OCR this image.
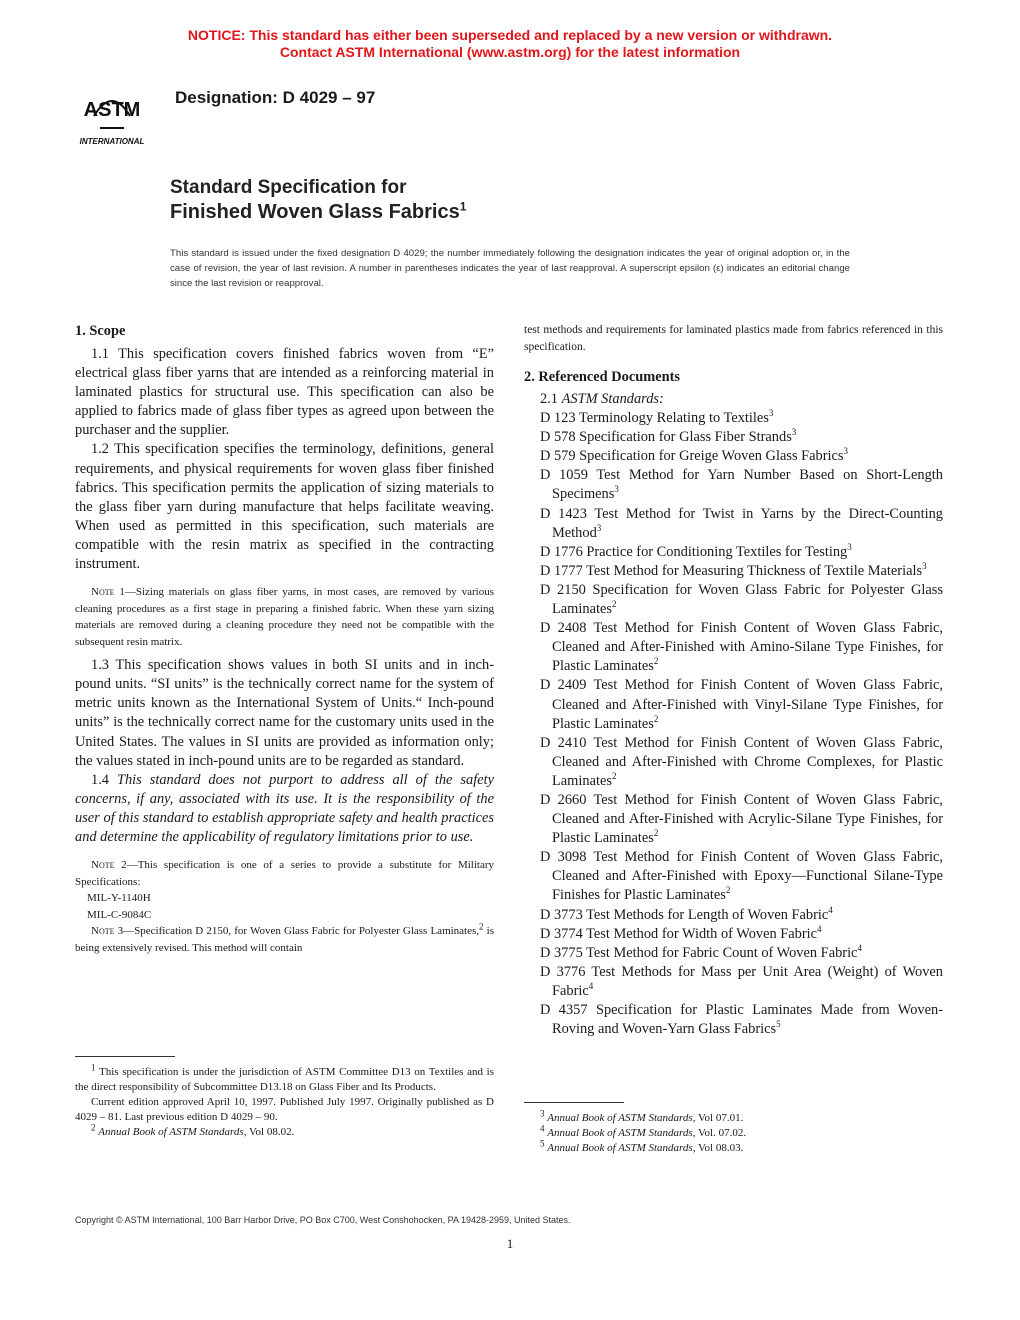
NOTICE: This standard has either been superseded and replaced by a new version or withdrawn.
Contact ASTM International (www.astm.org) for the latest information
ASTM
INTERNATIONAL
Designation: D 4029 – 97
Standard Specification for
Finished Woven Glass Fabrics$^1$
This standard is issued under the fixed designation D 4029; the number immediately following the designation indicates the year of original adoption or, in the case of revision, the year of last revision. A number in parentheses indicates the year of last reapproval. A superscript epsilon (ε) indicates an editorial change since the last revision or reapproval.
1. Scope

1.1 This specification covers finished fabrics woven from “E” electrical glass fiber yarns that are intended as a reinforcing material in laminated plastics for structural use. This specification can also be applied to fabrics made of glass fiber types as agreed upon between the purchaser and the supplier.

1.2 This specification specifies the terminology, definitions, general requirements, and physical requirements for woven glass fiber finished fabrics. This specification permits the application of sizing materials to the glass fiber yarn during manufacture that helps facilitate weaving. When used as permitted in this specification, such materials are compatible with the resin matrix as specified in the contracting instrument.

Note 1—Sizing materials on glass fiber yarns, in most cases, are removed by various cleaning procedures as a first stage in preparing a finished fabric. When these yarn sizing materials are removed during a cleaning procedure they need not be compatible with the subsequent resin matrix.

1.3 This specification shows values in both SI units and in inch-pound units. “SI units” is the technically correct name for the system of metric units known as the International System of Units.“ Inch-pound units” is the technically correct name for the customary units used in the United States. The values in SI units are provided as information only; the values stated in inch-pound units are to be regarded as standard.

1.4 This standard does not purport to address all of the safety concerns, if any, associated with its use. It is the responsibility of the user of this standard to establish appropriate safety and health practices and determine the applicability of regulatory limitations prior to use.

Note 2—This specification is one of a series to provide a substitute for Military Specifications:

MIL-Y-1140H

MIL-C-9084C

Note 3—Specification D 2150, for Woven Glass Fabric for Polyester Glass Laminates,$^2$ is being extensively revised. This method will contain

$^1$ This specification is under the jurisdiction of ASTM Committee D13 on Textiles and is the direct responsibility of Subcommittee D13.18 on Glass Fiber and Its Products.

Current edition approved April 10, 1997. Published July 1997. Originally published as D 4029 – 81. Last previous edition D 4029 – 90.

$^2$ Annual Book of ASTM Standards, Vol 08.02.

test methods and requirements for laminated plastics made from fabrics referenced in this specification.

2. Referenced Documents

2.1 ASTM Standards:

D 123 Terminology Relating to Textiles$^3$

D 578 Specification for Glass Fiber Strands$^3$

D 579 Specification for Greige Woven Glass Fabrics$^3$

D 1059 Test Method for Yarn Number Based on Short-Length Specimens$^3$

D 1423 Test Method for Twist in Yarns by the Direct-Counting Method$^3$

D 1776 Practice for Conditioning Textiles for Testing$^3$

D 1777 Test Method for Measuring Thickness of Textile Materials$^3$

D 2150 Specification for Woven Glass Fabric for Polyester Glass Laminates$^2$

D 2408 Test Method for Finish Content of Woven Glass Fabric, Cleaned and After-Finished with Amino-Silane Type Finishes, for Plastic Laminates$^2$

D 2409 Test Method for Finish Content of Woven Glass Fabric, Cleaned and After-Finished with Vinyl-Silane Type Finishes, for Plastic Laminates$^2$

D 2410 Test Method for Finish Content of Woven Glass Fabric, Cleaned and After-Finished with Chrome Complexes, for Plastic Laminates$^2$

D 2660 Test Method for Finish Content of Woven Glass Fabric, Cleaned and After-Finished with Acrylic-Silane Type Finishes, for Plastic Laminates$^2$

D 3098 Test Method for Finish Content of Woven Glass Fabric, Cleaned and After-Finished with Epoxy—Functional Silane-Type Finishes for Plastic Laminates$^2$

D 3773 Test Methods for Length of Woven Fabric$^4$

D 3774 Test Method for Width of Woven Fabric$^4$

D 3775 Test Method for Fabric Count of Woven Fabric$^4$

D 3776 Test Methods for Mass per Unit Area (Weight) of Woven Fabric$^4$

D 4357 Specification for Plastic Laminates Made from Woven-Roving and Woven-Yarn Glass Fabrics$^5$

$^3$ Annual Book of ASTM Standards, Vol 07.01.

$^4$ Annual Book of ASTM Standards, Vol. 07.02.

$^5$ Annual Book of ASTM Standards, Vol 08.03.

Copyright © ASTM International, 100 Barr Harbor Drive, PO Box C700, West Conshohocken, PA 19428-2959, United States.
1
